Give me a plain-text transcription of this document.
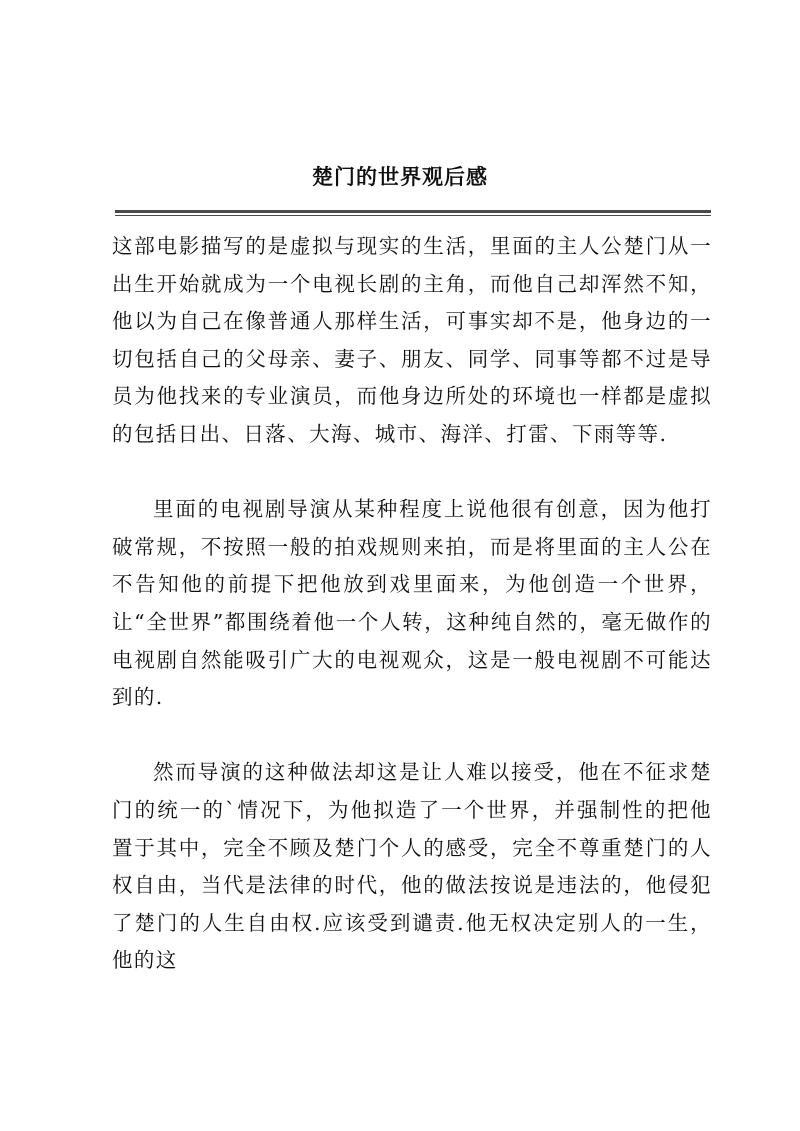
楚门的世界观后感

这部电影描写的是虚拟与现实的生活，里面的主人公楚门从一出生开始就成为一个电视长剧的主角，而他自己却浑然不知，他以为自己在像普通人那样生活，可事实却不是，他身边的一切包括自己的父母亲、妻子、朋友、同学、同事等都不过是导员为他找来的专业演员，而他身边所处的环境也一样都是虚拟的包括日出、日落、大海、城市、海洋、打雷、下雨等等.

里面的电视剧导演从某种程度上说他很有创意，因为他打破常规，不按照一般的拍戏规则来拍，而是将里面的主人公在不告知他的前提下把他放到戏里面来，为他创造一个世界，让“全世界”都围绕着他一个人转，这种纯自然的，毫无做作的电视剧自然能吸引广大的电视观众，这是一般电视剧不可能达到的.

然而导演的这种做法却这是让人难以接受，他在不征求楚门的统一的`情况下，为他拟造了一个世界，并强制性的把他置于其中，完全不顾及楚门个人的感受，完全不尊重楚门的人权自由，当代是法律的时代，他的做法按说是违法的，他侵犯了楚门的人生自由权.应该受到谴责.他无权决定别人的一生，他的这
